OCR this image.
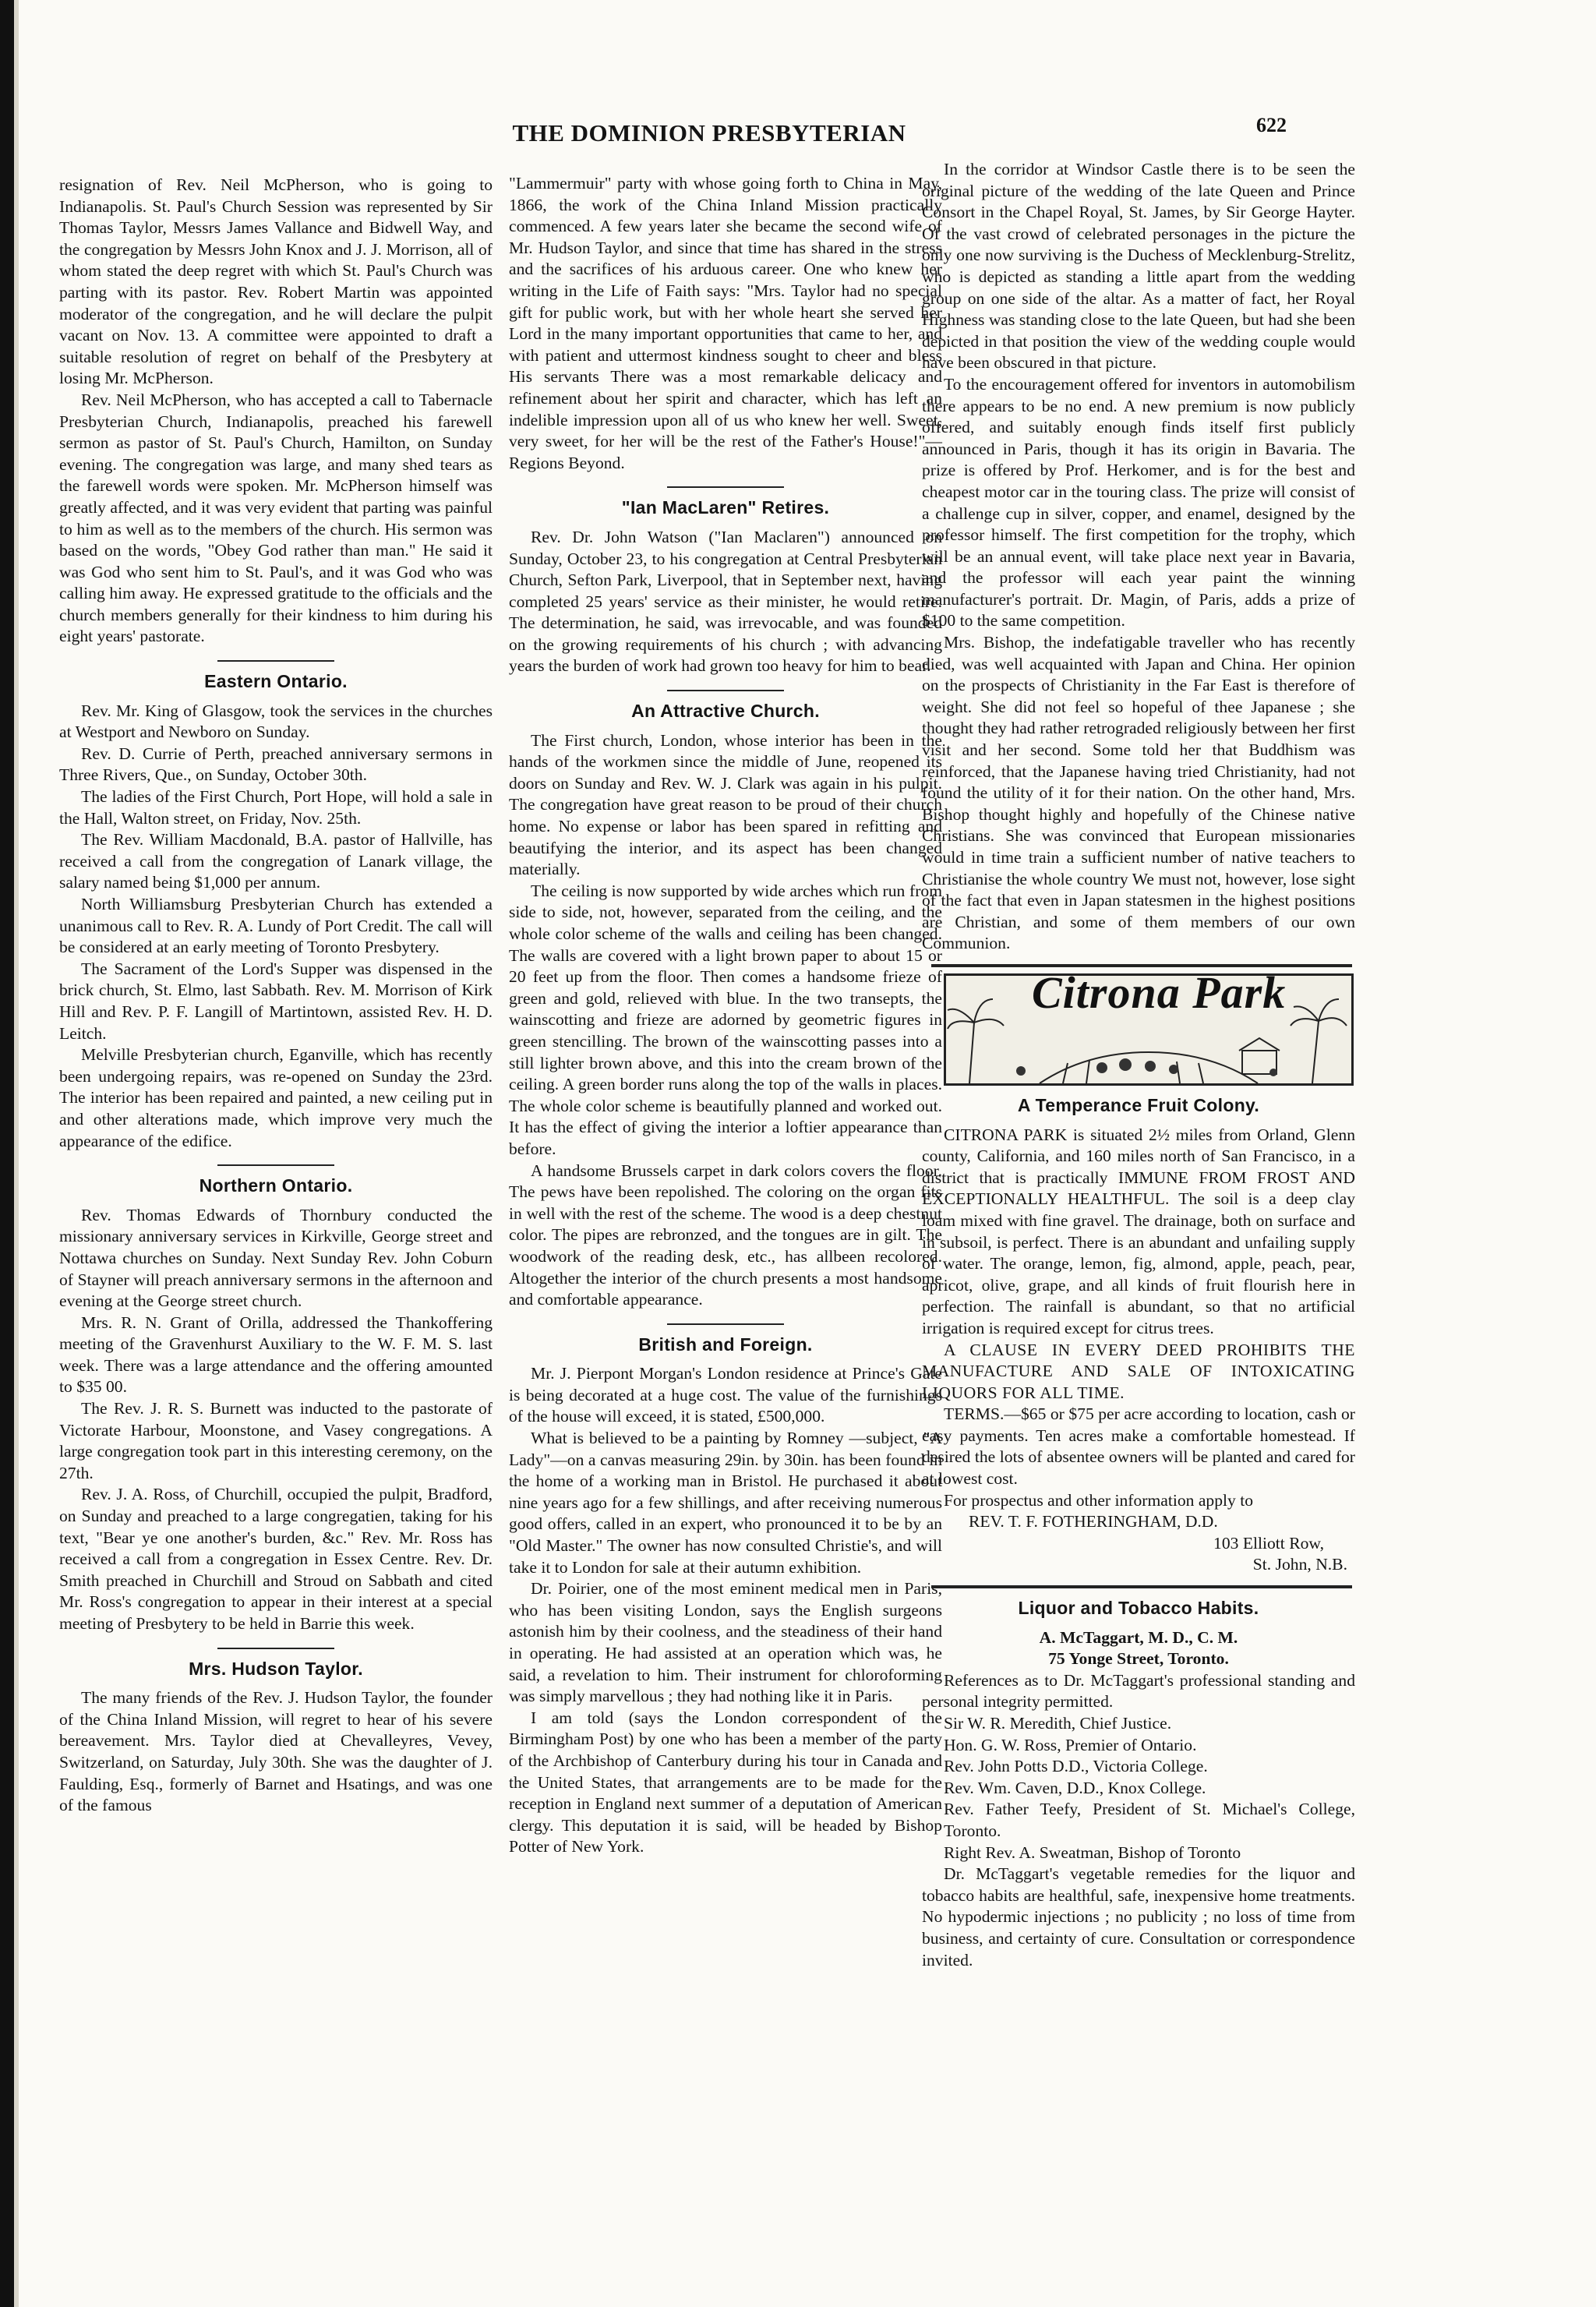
THE DOMINION PRESBYTERIAN	622

resignation of Rev. Neil McPherson, who is going to Indianapolis. St. Paul's Church Session was represented by Sir Thomas Taylor, Messrs James Vallance and Bidwell Way, and the congregation by Messrs John Knox and J. J. Morrison, all of whom stated the deep regret with which St. Paul's Church was parting with its pastor. Rev. Robert Martin was appointed moderator of the congregation, and he will declare the pulpit vacant on Nov. 13. A committee were appointed to draft a suitable resolution of regret on behalf of the Presbytery at losing Mr. McPherson.

Rev. Neil McPherson, who has accepted a call to Tabernacle Presbyterian Church, Indianapolis, preached his farewell sermon as pastor of St. Paul's Church, Hamilton, on Sunday evening. The congregation was large, and many shed tears as the farewell words were spoken. Mr. McPherson himself was greatly affected, and it was very evident that parting was painful to him as well as to the members of the church. His sermon was based on the words, "Obey God rather than man." He said it was God who sent him to St. Paul's, and it was God who was calling him away. He expressed gratitude to the officials and the church members generally for their kindness to him during his eight years' pastorate.

Eastern Ontario.

Rev. Mr. King of Glasgow, took the services in the churches at Westport and Newboro on Sunday.

Rev. D. Currie of Perth, preached anniversary sermons in Three Rivers, Que., on Sunday, October 30th.

The ladies of the First Church, Port Hope, will hold a sale in the Hall, Walton street, on Friday, Nov. 25th.

The Rev. William Macdonald, B.A. pastor of Hallville, has received a call from the congregation of Lanark village, the salary named being $1,000 per annum.

North Williamsburg Presbyterian Church has extended a unanimous call to Rev. R. A. Lundy of Port Credit. The call will be considered at an early meeting of Toronto Presbytery.

The Sacrament of the Lord's Supper was dispensed in the brick church, St. Elmo, last Sabbath. Rev. M. Morrison of Kirk Hill and Rev. P. F. Langill of Martintown, assisted Rev. H. D. Leitch.

Melville Presbyterian church, Eganville, which has recently been undergoing repairs, was re-opened on Sunday the 23rd. The interior has been repaired and painted, a new ceiling put in and other alterations made, which improve very much the appearance of the edifice.

Northern Ontario.

Rev. Thomas Edwards of Thornbury conducted the missionary anniversary services in Kirkville, George street and Nottawa churches on Sunday. Next Sunday Rev. John Coburn of Stayner will preach anniversary sermons in the afternoon and evening at the George street church.

Mrs. R. N. Grant of Orilla, addressed the Thankoffering meeting of the Gravenhurst Auxiliary to the W. F. M. S. last week. There was a large attendance and the offering amounted to $35 00.

The Rev. J. R. S. Burnett was inducted to the pastorate of Victorate Harbour, Moonstone, and Vasey congregations. A large congregation took part in this interesting ceremony, on the 27th.

Rev. J. A. Ross, of Churchill, occupied the pulpit, Bradford, on Sunday and preached to a large congregatien, taking for his text, "Bear ye one another's burden, &c." Rev. Mr. Ross has received a call from a congregation in Essex Centre. Rev. Dr. Smith preached in Churchill and Stroud on Sabbath and cited Mr. Ross's congregation to appear in their interest at a special meeting of Presbytery to be held in Barrie this week.

Mrs. Hudson Taylor.

The many friends of the Rev. J. Hudson Taylor, the founder of the China Inland Mission, will regret to hear of his severe bereavement. Mrs. Taylor died at Chevalleyres, Vevey, Switzerland, on Saturday, July 30th. She was the daughter of J. Faulding, Esq., formerly of Barnet and Hsatings, and was one of the famous

"Lammermuir" party with whose going forth to China in May, 1866, the work of the China Inland Mission practically commenced. A few years later she became the second wife of Mr. Hudson Taylor, and since that time has shared in the stress and the sacrifices of his arduous career. One who knew her writing in the Life of Faith says: "Mrs. Taylor had no special gift for public work, but with her whole heart she served her Lord in the many important opportunities that came to her, and with patient and uttermost kindness sought to cheer and bless His servants There was a most remarkable delicacy and refinement about her spirit and character, which has left an indelible impression upon all of us who knew her well. Sweet, very sweet, for her will be the rest of the Father's House!"—Regions Beyond.

"Ian MacLaren" Retires.

Rev. Dr. John Watson ("Ian Maclaren") announced on Sunday, October 23, to his congregation at Central Presbyterian Church, Sefton Park, Liverpool, that in September next, having completed 25 years' service as their minister, he would retire. The determination, he said, was irrevocable, and was founded on the growing requirements of his church ; with advancing years the burden of work had grown too heavy for him to bear.

An Attractive Church.

The First church, London, whose interior has been in the hands of the workmen since the middle of June, reopened its doors on Sunday and Rev. W. J. Clark was again in his pulpit. The congregation have great reason to be proud of their church home. No expense or labor has been spared in refitting and beautifying the interior, and its aspect has been changed materially.

The ceiling is now supported by wide arches which run from side to side, not, however, separated from the ceiling, and the whole color scheme of the walls and ceiling has been changed. The walls are covered with a light brown paper to about 15 or 20 feet up from the floor. Then comes a handsome frieze of green and gold, relieved with blue. In the two transepts, the wainscotting and frieze are adorned by geometric figures in green stencilling. The brown of the wainscotting passes into a still lighter brown above, and this into the cream brown of the ceiling. A green border runs along the top of the walls in places. The whole color scheme is beautifully planned and worked out. It has the effect of giving the interior a loftier appearance than before.

A handsome Brussels carpet in dark colors covers the floor. The pews have been repolished. The coloring on the organ fits in well with the rest of the scheme. The wood is a deep chestnut color. The pipes are rebronzed, and the tongues are in gilt. The woodwork of the reading desk, etc., has allbeen recolored. Altogether the interior of the church presents a most handsome and comfortable appearance.

British and Foreign.

Mr. J. Pierpont Morgan's London residence at Prince's Gate is being decorated at a huge cost. The value of the furnishings of the house will exceed, it is stated, £500,000.

What is believed to be a painting by Romney —subject, "A Lady"—on a canvas measuring 29in. by 30in. has been found in the home of a working man in Bristol. He purchased it about nine years ago for a few shillings, and after receiving numerous good offers, called in an expert, who pronounced it to be by an "Old Master." The owner has now consulted Christie's, and will take it to London for sale at their autumn exhibition.

Dr. Poirier, one of the most eminent medical men in Paris, who has been visiting London, says the English surgeons astonish him by their coolness, and the steadiness of their hand in operating. He had assisted at an operation which was, he said, a revelation to him. Their instrument for chloroforming was simply marvellous ; they had nothing like it in Paris.

I am told (says the London correspondent of the Birmingham Post) by one who has been a member of the party of the Archbishop of Canterbury during his tour in Canada and the United States, that arrangements are to be made for the reception in England next summer of a deputation of American clergy. This deputation it is said, will be headed by Bishop Potter of New York.

In the corridor at Windsor Castle there is to be seen the original picture of the wedding of the late Queen and Prince Consort in the Chapel Royal, St. James, by Sir George Hayter. Of the vast crowd of celebrated personages in the picture the only one now surviving is the Duchess of Mecklenburg-Strelitz, who is depicted as standing a little apart from the wedding group on one side of the altar. As a matter of fact, her Royal Highness was standing close to the late Queen, but had she been depicted in that position the view of the wedding couple would have been obscured in that picture.

To the encouragement offered for inventors in automobilism there appears to be no end. A new premium is now publicly offered, and suitably enough finds itself first publicly announced in Paris, though it has its origin in Bavaria. The prize is offered by Prof. Herkomer, and is for the best and cheapest motor car in the touring class. The prize will consist of a challenge cup in silver, copper, and enamel, designed by the professor himself. The first competition for the trophy, which will be an annual event, will take place next year in Bavaria, and the professor will each year paint the winning manufacturer's portrait. Dr. Magin, of Paris, adds a prize of $100 to the same competition.

Mrs. Bishop, the indefatigable traveller who has recently died, was well acquainted with Japan and China. Her opinion on the prospects of Christianity in the Far East is therefore of weight. She did not feel so hopeful of thee Japanese ; she thought they had rather retrograded religiously between her first visit and her second. Some told her that Buddhism was reinforced, that the Japanese having tried Christianity, had not found the utility of it for their nation. On the other hand, Mrs. Bishop thought highly and hopefully of the Chinese native Christians. She was convinced that European missionaries would in time train a sufficient number of native teachers to Christianise the whole country We must not, however, lose sight of the fact that even in Japan statesmen in the highest positions are Christian, and some of them members of our own Communion.

Citrona Park
A Temperance Fruit Colony.

CITRONA PARK is situated 2½ miles from Orland, Glenn county, California, and 160 miles north of San Francisco, in a district that is practically IMMUNE FROM FROST AND EXCEPTIONALLY HEALTHFUL. The soil is a deep clay loam mixed with fine gravel. The drainage, both on surface and in subsoil, is perfect. There is an abundant and unfailing supply of water. The orange, lemon, fig, almond, apple, peach, pear, apricot, olive, grape, and all kinds of fruit flourish here in perfection. The rainfall is abundant, so that no artificial irrigation is required except for citrus trees.

A CLAUSE IN EVERY DEED PROHIBITS THE MANUFACTURE AND SALE OF INTOXICATING LIQUORS FOR ALL TIME.

TERMS.—$65 or $75 per acre according to location, cash or easy payments. Ten acres make a comfortable homestead. If desired the lots of absentee owners will be planted and cared for at lowest cost.

For prospectus and other information apply to

REV. T. F. FOTHERINGHAM, D.D.

103 Elliott Row,

St. John, N.B.

Liquor and Tobacco Habits.

A. McTaggart, M. D., C. M.

75 Yonge Street, Toronto.

References as to Dr. McTaggart's professional standing and personal integrity permitted.

Sir W. R. Meredith, Chief Justice.

Hon. G. W. Ross, Premier of Ontario.

Rev. John Potts D.D., Victoria College.

Rev. Wm. Caven, D.D., Knox College.

Rev. Father Teefy, President of St. Michael's College, Toronto.

Right Rev. A. Sweatman, Bishop of Toronto

Dr. McTaggart's vegetable remedies for the liquor and tobacco habits are healthful, safe, inexpensive home treatments. No hypodermic injections ; no publicity ; no loss of time from business, and certainty of cure. Consultation or correspondence invited.
